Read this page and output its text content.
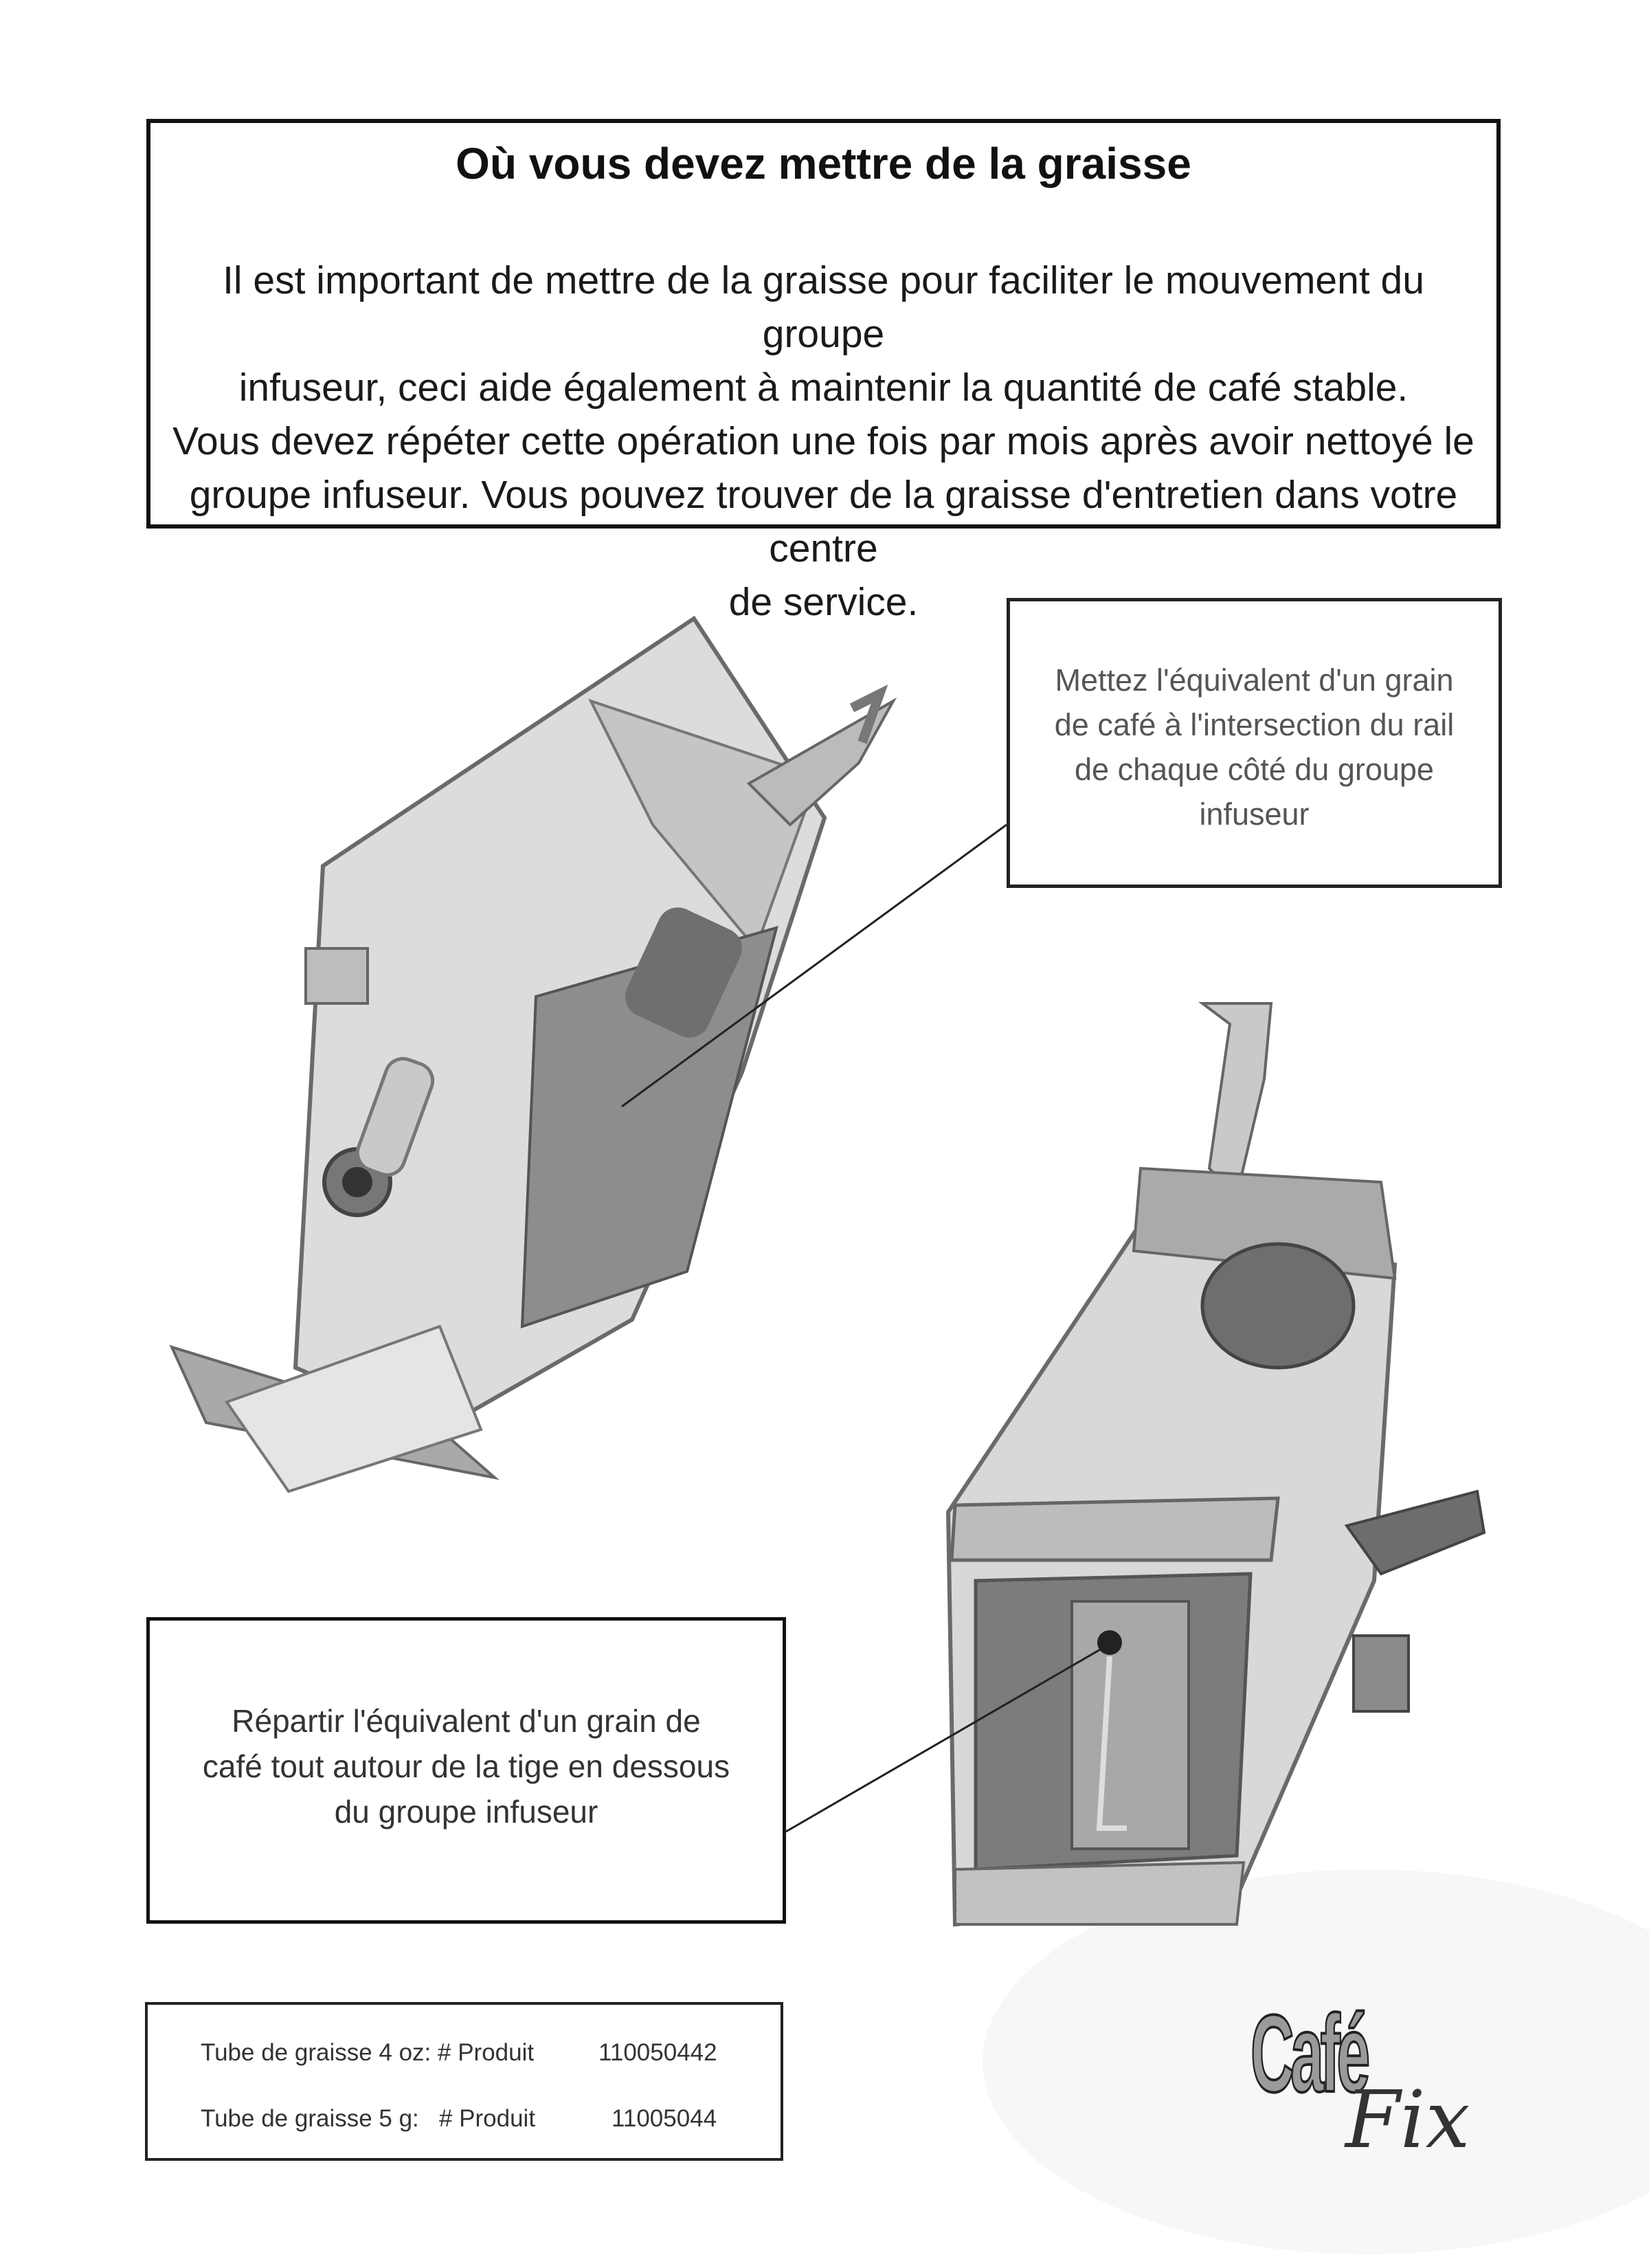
Où vous devez mettre de la graisse
Il est important de mettre de la graisse pour faciliter le mouvement du groupe
infuseur, ceci aide également à maintenir la quantité de café stable.
Vous devez répéter cette opération une fois par mois après avoir nettoyé le
groupe infuseur. Vous pouvez trouver de la graisse d'entretien dans votre centre
de service.
Mettez l'équivalent d'un grain
de café à l'intersection du rail
de chaque côté du groupe
infuseur
Répartir l'équivalent d'un grain de
café tout autour de la tige en dessous
du groupe infuseur
Tube de graisse 4 oz: # Produit	110050442
Tube de graisse 5 g:   # Produit	11005044
Café
Fix
